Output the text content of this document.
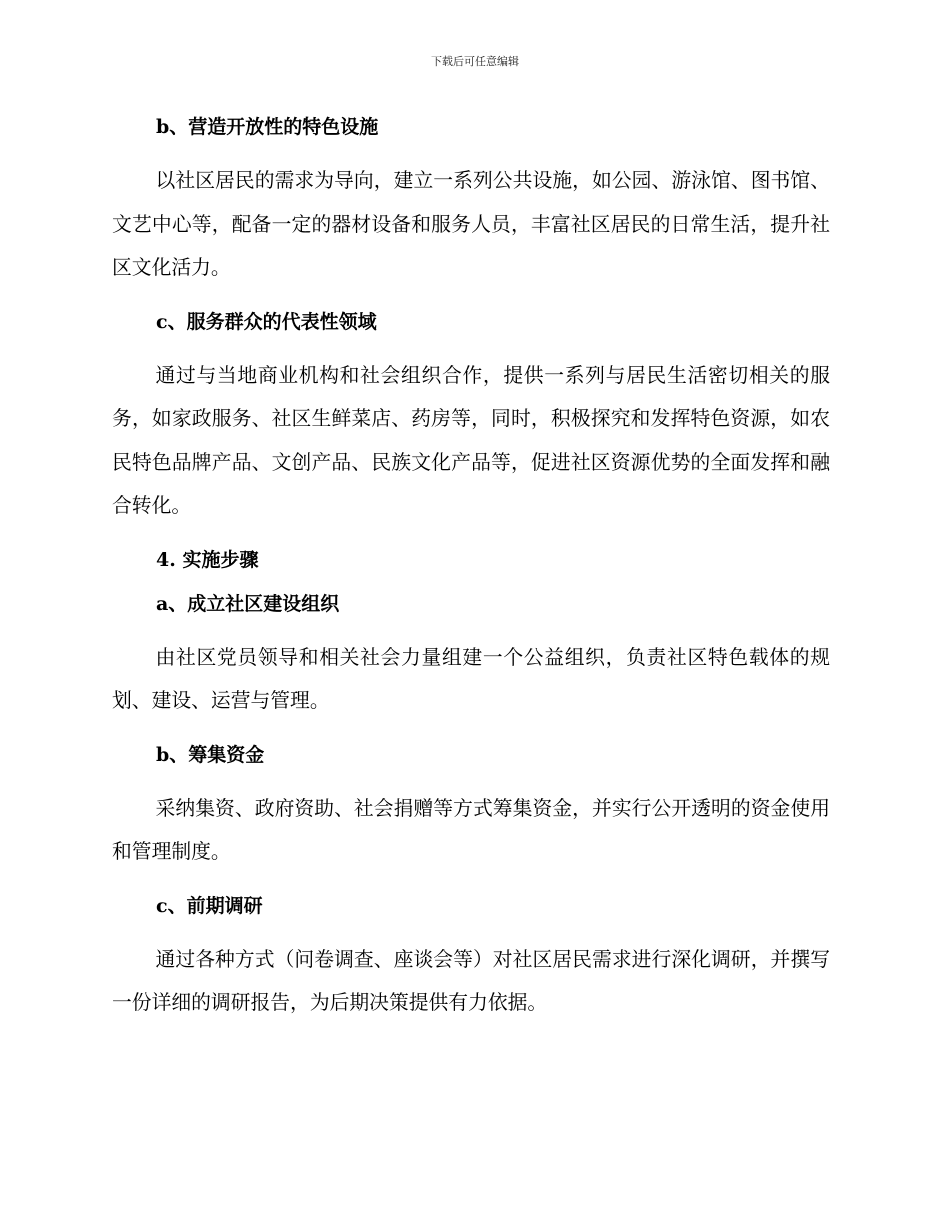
下载后可任意编辑
b、营造开放性的特色设施

以社区居民的需求为导向，建立一系列公共设施，如公园、游泳馆、图书馆、文艺中心等，配备一定的器材设备和服务人员，丰富社区居民的日常生活，提升社区文化活力。

c、服务群众的代表性领域

通过与当地商业机构和社会组织合作，提供一系列与居民生活密切相关的服务，如家政服务、社区生鲜菜店、药房等，同时，积极探究和发挥特色资源，如农民特色品牌产品、文创产品、民族文化产品等，促进社区资源优势的全面发挥和融合转化。

4. 实施步骤
a、成立社区建设组织

由社区党员领导和相关社会力量组建一个公益组织，负责社区特色载体的规划、建设、运营与管理。

b、筹集资金

采纳集资、政府资助、社会捐赠等方式筹集资金，并实行公开透明的资金使用和管理制度。

c、前期调研

通过各种方式（问卷调查、座谈会等）对社区居民需求进行深化调研，并撰写一份详细的调研报告，为后期决策提供有力依据。
